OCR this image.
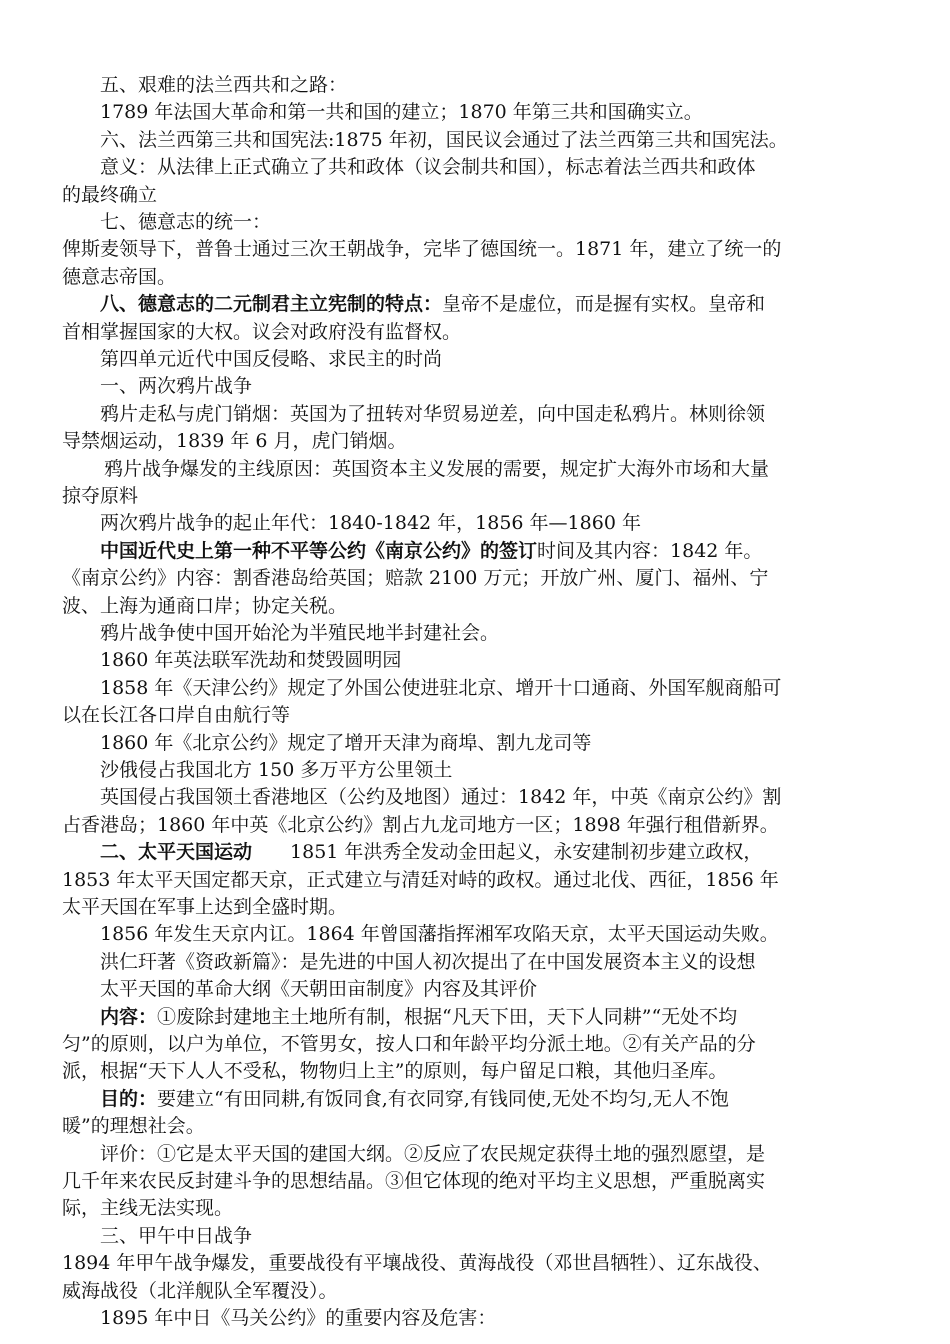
五、艰难的法兰西共和之路：
1789 年法国大革命和第一共和国的建立；1870 年第三共和国确实立。
六、法兰西第三共和国宪法:1875 年初，国民议会通过了法兰西第三共和国宪法。
意义：从法律上正式确立了共和政体（议会制共和国），标志着法兰西共和政体
的最终确立
七、德意志的统一：
俾斯麦领导下，普鲁士通过三次王朝战争，完毕了德国统一。1871 年，建立了统一的
德意志帝国。
八、德意志的二元制君主立宪制的特点：皇帝不是虚位，而是握有实权。皇帝和
首相掌握国家的大权。议会对政府没有监督权。
第四单元近代中国反侵略、求民主的时尚
一、两次鸦片战争
鸦片走私与虎门销烟：英国为了扭转对华贸易逆差，向中国走私鸦片。林则徐领
导禁烟运动，1839 年 6 月，虎门销烟。
鸦片战争爆发的主线原因：英国资本主义发展的需要，规定扩大海外市场和大量
掠夺原料
两次鸦片战争的起止年代：1840-1842 年，1856 年—1860 年
中国近代史上第一种不平等公约《南京公约》的签订时间及其内容：1842 年。
《南京公约》内容：割香港岛给英国；赔款 2100 万元；开放广州、厦门、福州、宁
波、上海为通商口岸；协定关税。
鸦片战争使中国开始沦为半殖民地半封建社会。
1860 年英法联军洗劫和焚毁圆明园
1858 年《天津公约》规定了外国公使进驻北京、增开十口通商、外国军舰商船可
以在长江各口岸自由航行等
1860 年《北京公约》规定了增开天津为商埠、割九龙司等
沙俄侵占我国北方 150 多万平方公里领土
英国侵占我国领土香港地区（公约及地图）通过：1842 年，中英《南京公约》割
占香港岛；1860 年中英《北京公约》割占九龙司地方一区；1898 年强行租借新界。
二、太平天国运动　　1851 年洪秀全发动金田起义，永安建制初步建立政权，
1853 年太平天国定都天京，正式建立与清廷对峙的政权。通过北伐、西征，1856 年
太平天国在军事上达到全盛时期。
1856 年发生天京内讧。1864 年曾国藩指挥湘军攻陷天京，太平天国运动失败。
洪仁玕著《资政新篇》：是先进的中国人初次提出了在中国发展资本主义的设想
太平天国的革命大纲《天朝田亩制度》内容及其评价
内容：①废除封建地主土地所有制，根据“凡天下田，天下人同耕”“无处不均
匀”的原则，以户为单位，不管男女，按人口和年龄平均分派土地。②有关产品的分
派，根据“天下人人不受私，物物归上主”的原则，每户留足口粮，其他归圣库。
目的：要建立“有田同耕,有饭同食,有衣同穿,有钱同使,无处不均匀,无人不饱
暖”的理想社会。
评价：①它是太平天国的建国大纲。②反应了农民规定获得土地的强烈愿望，是
几千年来农民反封建斗争的思想结晶。③但它体现的绝对平均主义思想，严重脱离实
际，主线无法实现。
三、甲午中日战争
1894 年甲午战争爆发，重要战役有平壤战役、黄海战役（邓世昌牺牲）、辽东战役、
威海战役（北洋舰队全军覆没）。
1895 年中日《马关公约》的重要内容及危害：
